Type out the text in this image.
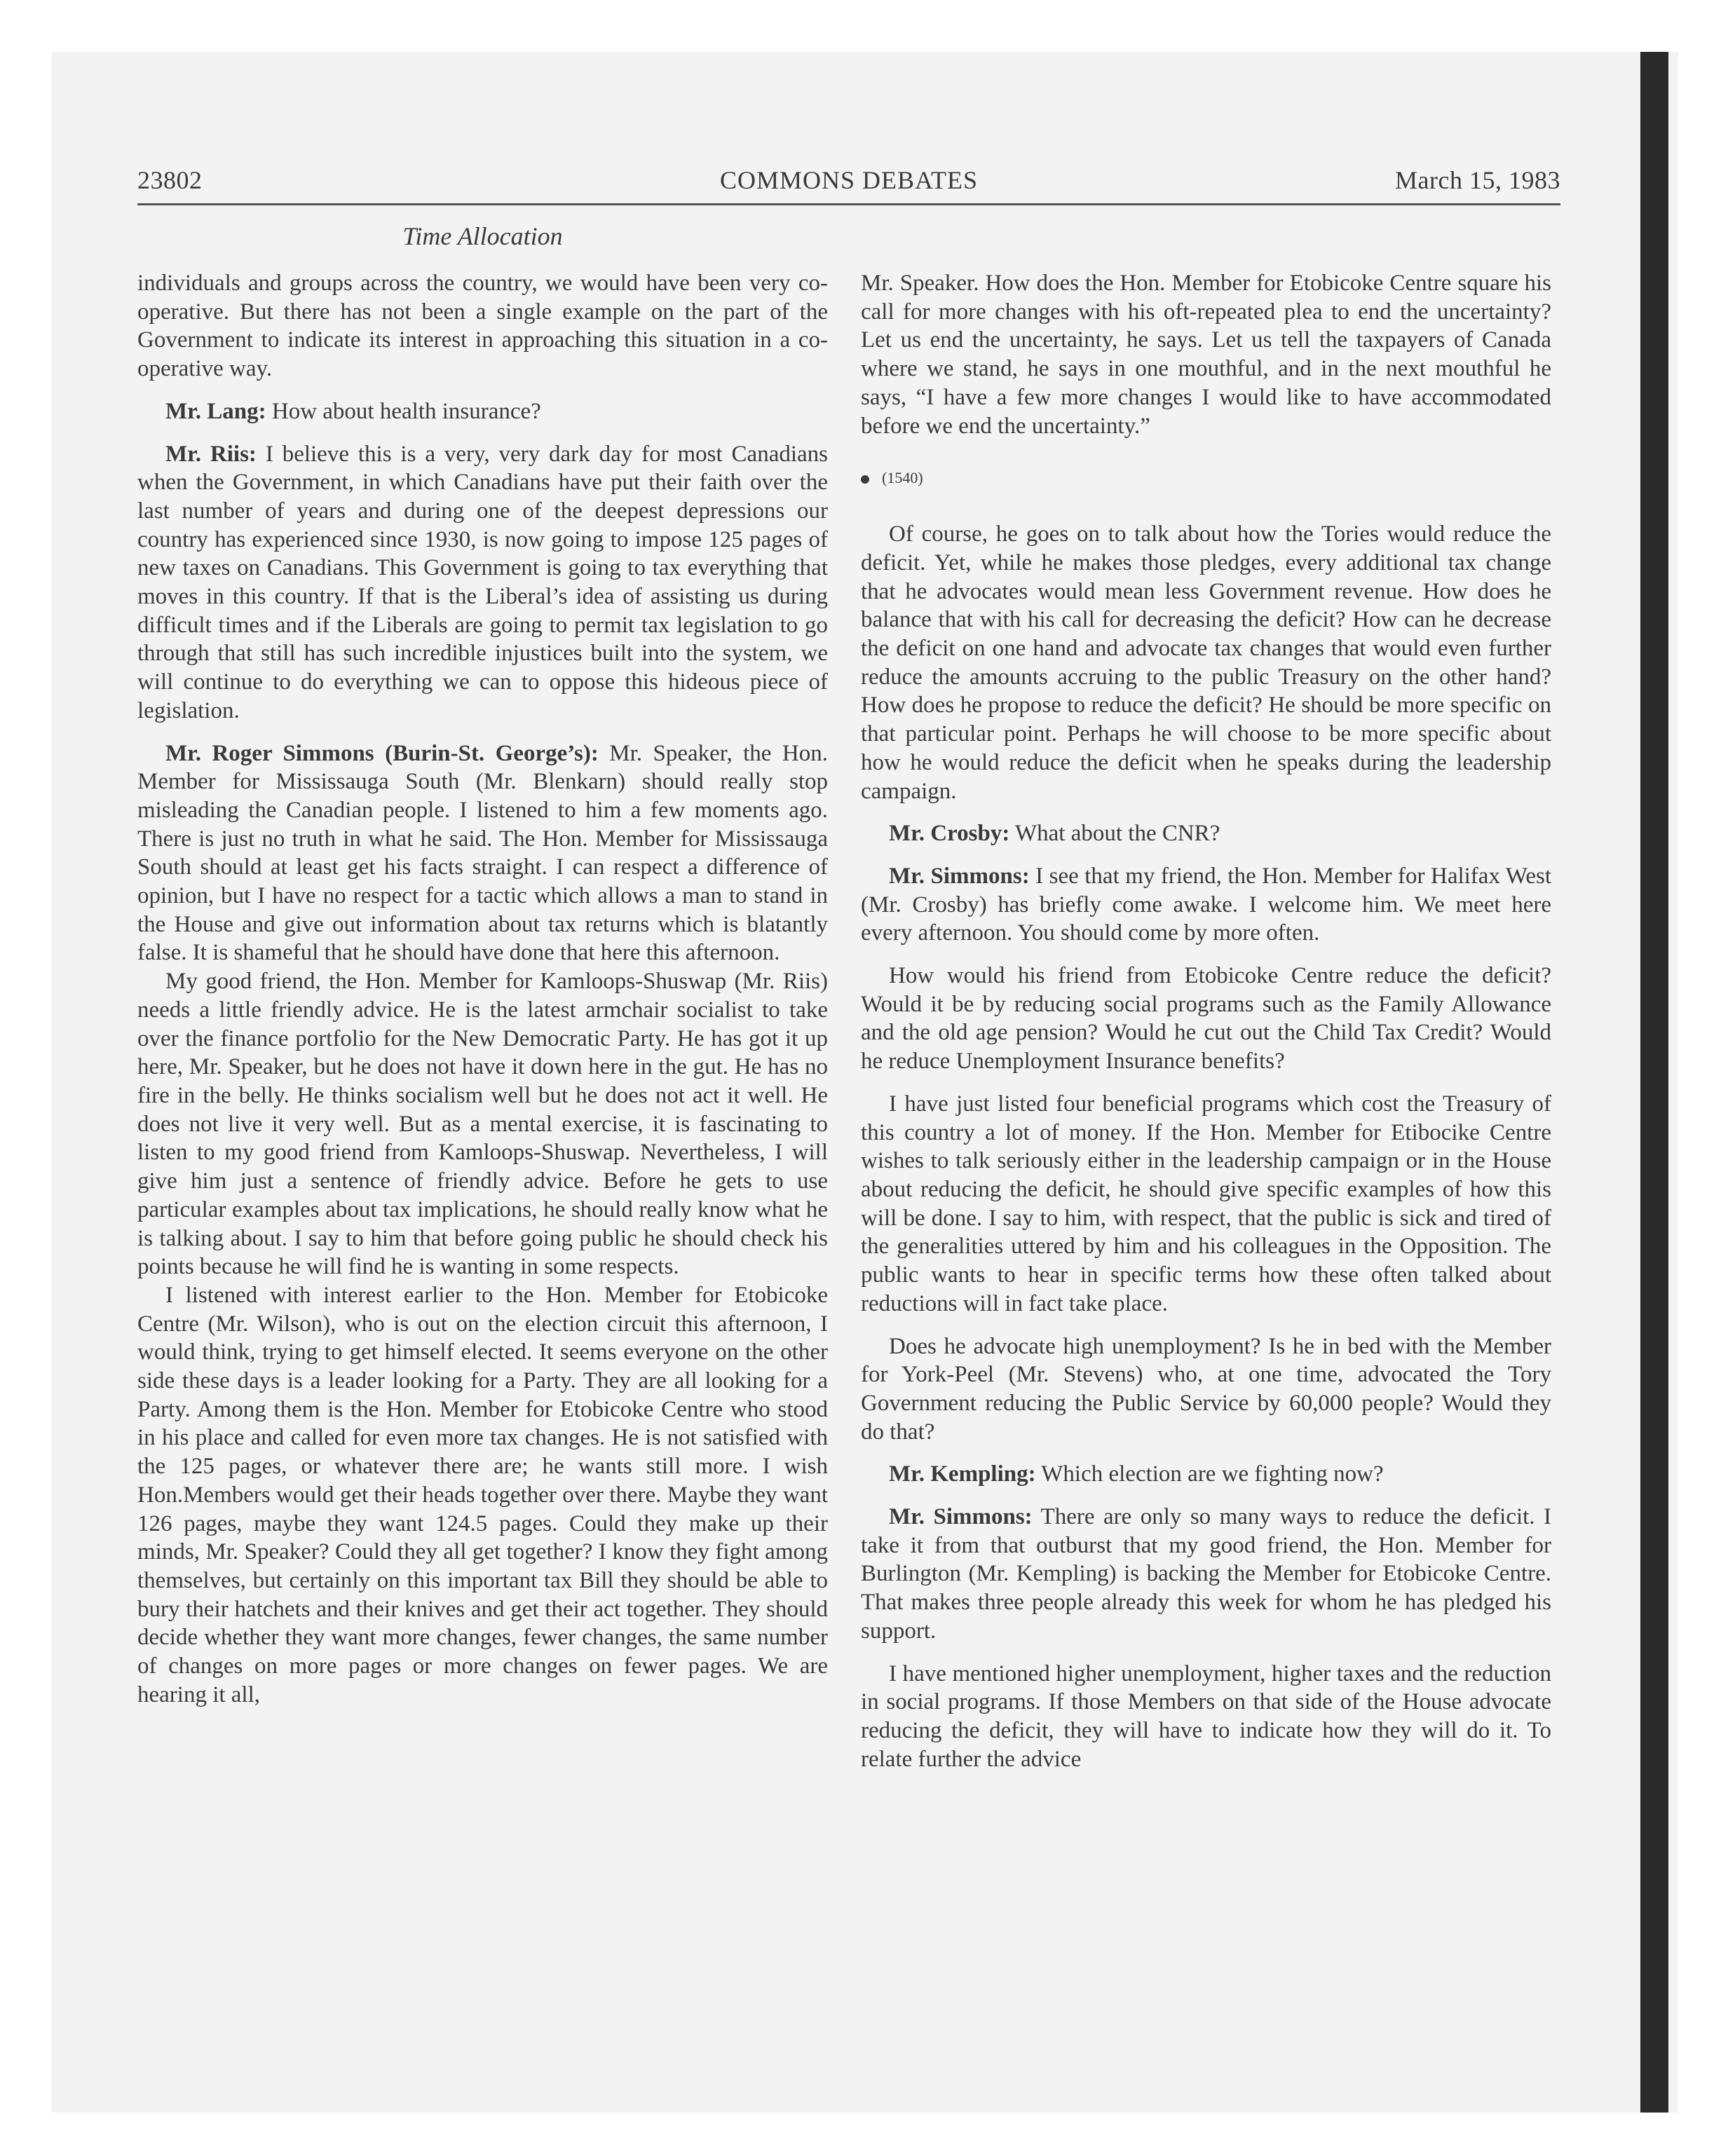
COMMONS DEBATES
23802	March 15, 1983
Time Allocation

individuals and groups across the country, we would have been very co-operative. But there has not been a single example on the part of the Government to indicate its interest in approaching this situation in a co-operative way.

Mr. Lang: How about health insurance?

Mr. Riis: I believe this is a very, very dark day for most Canadians when the Government, in which Canadians have put their faith over the last number of years and during one of the deepest depressions our country has experienced since 1930, is now going to impose 125 pages of new taxes on Canadians. This Government is going to tax everything that moves in this country. If that is the Liberal’s idea of assisting us during difficult times and if the Liberals are going to permit tax legislation to go through that still has such incredible injustices built into the system, we will continue to do everything we can to oppose this hideous piece of legislation.

Mr. Roger Simmons (Burin-St. George’s): Mr. Speaker, the Hon. Member for Mississauga South (Mr. Blenkarn) should really stop misleading the Canadian people. I listened to him a few moments ago. There is just no truth in what he said. The Hon. Member for Mississauga South should at least get his facts straight. I can respect a difference of opinion, but I have no respect for a tactic which allows a man to stand in the House and give out information about tax returns which is blatantly false. It is shameful that he should have done that here this afternoon.

My good friend, the Hon. Member for Kamloops-Shuswap (Mr. Riis) needs a little friendly advice. He is the latest armchair socialist to take over the finance portfolio for the New Democratic Party. He has got it up here, Mr. Speaker, but he does not have it down here in the gut. He has no fire in the belly. He thinks socialism well but he does not act it well. He does not live it very well. But as a mental exercise, it is fascinating to listen to my good friend from Kamloops-Shuswap. Nevertheless, I will give him just a sentence of friendly advice. Before he gets to use particular examples about tax implications, he should really know what he is talking about. I say to him that before going public he should check his points because he will find he is wanting in some respects.

I listened with interest earlier to the Hon. Member for Etobicoke Centre (Mr. Wilson), who is out on the election circuit this afternoon, I would think, trying to get himself elected. It seems everyone on the other side these days is a leader looking for a Party. They are all looking for a Party. Among them is the Hon. Member for Etobicoke Centre who stood in his place and called for even more tax changes. He is not satisfied with the 125 pages, or whatever there are; he wants still more. I wish Hon.Members would get their heads together over there. Maybe they want 126 pages, maybe they want 124.5 pages. Could they make up their minds, Mr. Speaker? Could they all get together? I know they fight among themselves, but certainly on this important tax Bill they should be able to bury their hatchets and their knives and get their act together. They should decide whether they want more changes, fewer changes, the same number of changes on more pages or more changes on fewer pages. We are hearing it all,

Mr. Speaker. How does the Hon. Member for Etobicoke Centre square his call for more changes with his oft-repeated plea to end the uncertainty? Let us end the uncertainty, he says. Let us tell the taxpayers of Canada where we stand, he says in one mouthful, and in the next mouthful he says, “I have a few more changes I would like to have accommodated before we end the uncertainty.”

(1540)

Of course, he goes on to talk about how the Tories would reduce the deficit. Yet, while he makes those pledges, every additional tax change that he advocates would mean less Government revenue. How does he balance that with his call for decreasing the deficit? How can he decrease the deficit on one hand and advocate tax changes that would even further reduce the amounts accruing to the public Treasury on the other hand? How does he propose to reduce the deficit? He should be more specific on that particular point. Perhaps he will choose to be more specific about how he would reduce the deficit when he speaks during the leadership campaign.

Mr. Crosby: What about the CNR?

Mr. Simmons: I see that my friend, the Hon. Member for Halifax West (Mr. Crosby) has briefly come awake. I welcome him. We meet here every afternoon. You should come by more often.

How would his friend from Etobicoke Centre reduce the deficit? Would it be by reducing social programs such as the Family Allowance and the old age pension? Would he cut out the Child Tax Credit? Would he reduce Unemployment Insurance benefits?

I have just listed four beneficial programs which cost the Treasury of this country a lot of money. If the Hon. Member for Etibocike Centre wishes to talk seriously either in the leadership campaign or in the House about reducing the deficit, he should give specific examples of how this will be done. I say to him, with respect, that the public is sick and tired of the generalities uttered by him and his colleagues in the Opposition. The public wants to hear in specific terms how these often talked about reductions will in fact take place.

Does he advocate high unemployment? Is he in bed with the Member for York-Peel (Mr. Stevens) who, at one time, advocated the Tory Government reducing the Public Service by 60,000 people? Would they do that?

Mr. Kempling: Which election are we fighting now?

Mr. Simmons: There are only so many ways to reduce the deficit. I take it from that outburst that my good friend, the Hon. Member for Burlington (Mr. Kempling) is backing the Member for Etobicoke Centre. That makes three people already this week for whom he has pledged his support.

I have mentioned higher unemployment, higher taxes and the reduction in social programs. If those Members on that side of the House advocate reducing the deficit, they will have to indicate how they will do it. To relate further the advice
